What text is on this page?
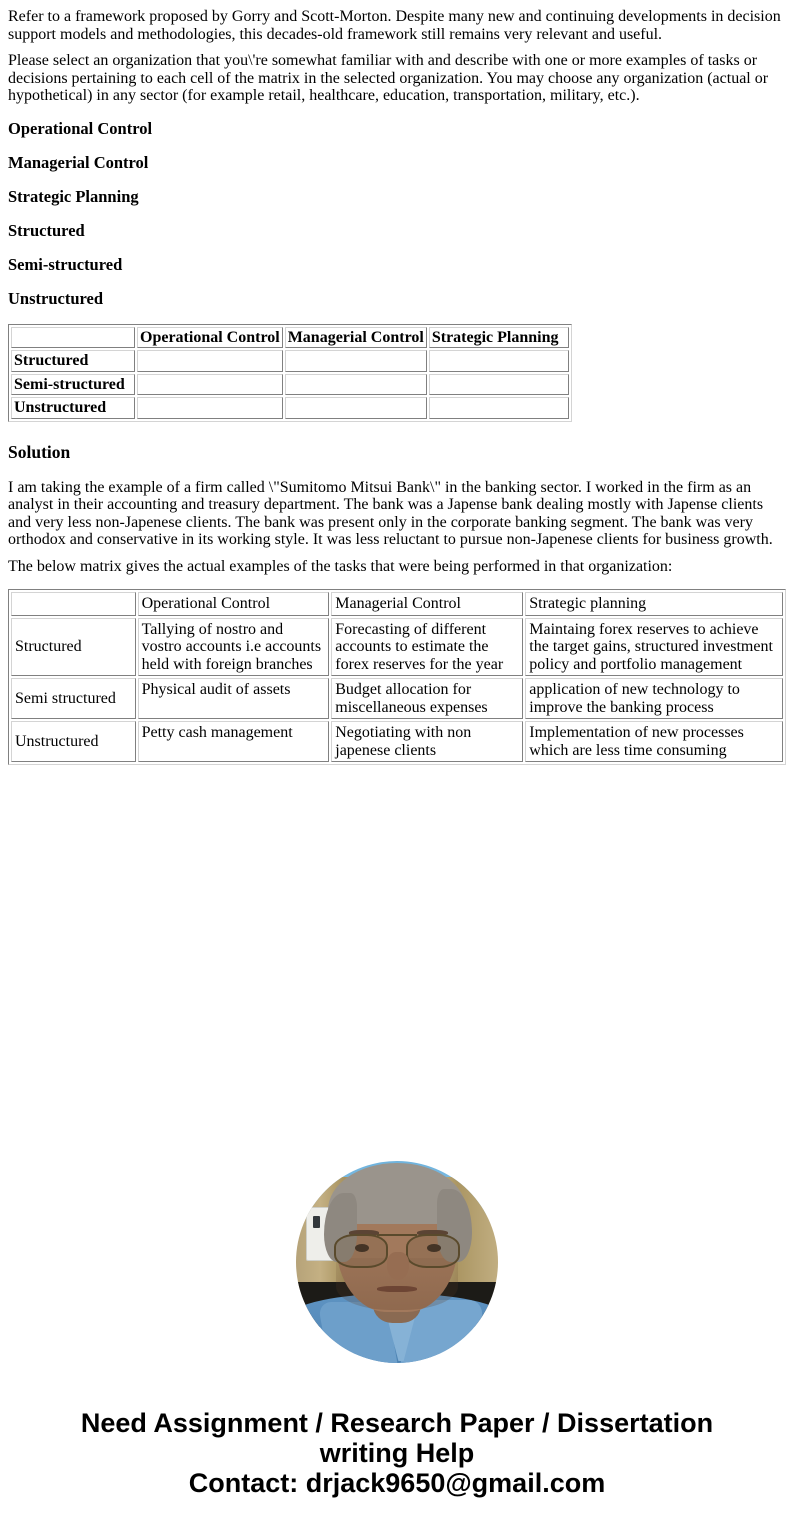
Refer to a framework proposed by Gorry and Scott-Morton. Despite many new and continuing developments in decision support models and methodologies, this decades-old framework still remains very relevant and useful.

Please select an organization that you\'re somewhat familiar with and describe with one or more examples of tasks or decisions pertaining to each cell of the matrix in the selected organization. You may choose any organization (actual or hypothetical) in any sector (for example retail, healthcare, education, transportation, military, etc.).

Operational Control
Managerial Control
Strategic Planning
Structured
Semi-structured
Unstructured
	Operational Control	Managerial Control	Strategic Planning
Structured			
Semi-structured			
Unstructured			
Solution

I am taking the example of a firm called \"Sumitomo Mitsui Bank\" in the banking sector. I worked in the firm as an analyst in their accounting and treasury department. The bank was a Japense bank dealing mostly with Japense clients and very less non-Japenese clients. The bank was present only in the corporate banking segment. The bank was very orthodox and conservative in its working style. It was less reluctant to pursue non-Japenese clients for business growth.

The below matrix gives the actual examples of the tasks that were being performed in that organization:

	Operational Control	Managerial Control	Strategic planning
Structured	Tallying of nostro and vostro accounts i.e accounts held with foreign branches	Forecasting of different accounts to estimate the forex reserves for the year	Maintaing forex reserves to achieve the target gains, structured investment policy and portfolio management
Semi structured	Physical audit of assets	Budget allocation for miscellaneous expenses	application of new technology to improve the banking process
Unstructured	Petty cash management	Negotiating with non japenese clients	Implementation of new processes which are less time consuming
Need Assignment / Research Paper / Dissertation
writing Help
Contact: drjack9650@gmail.com
